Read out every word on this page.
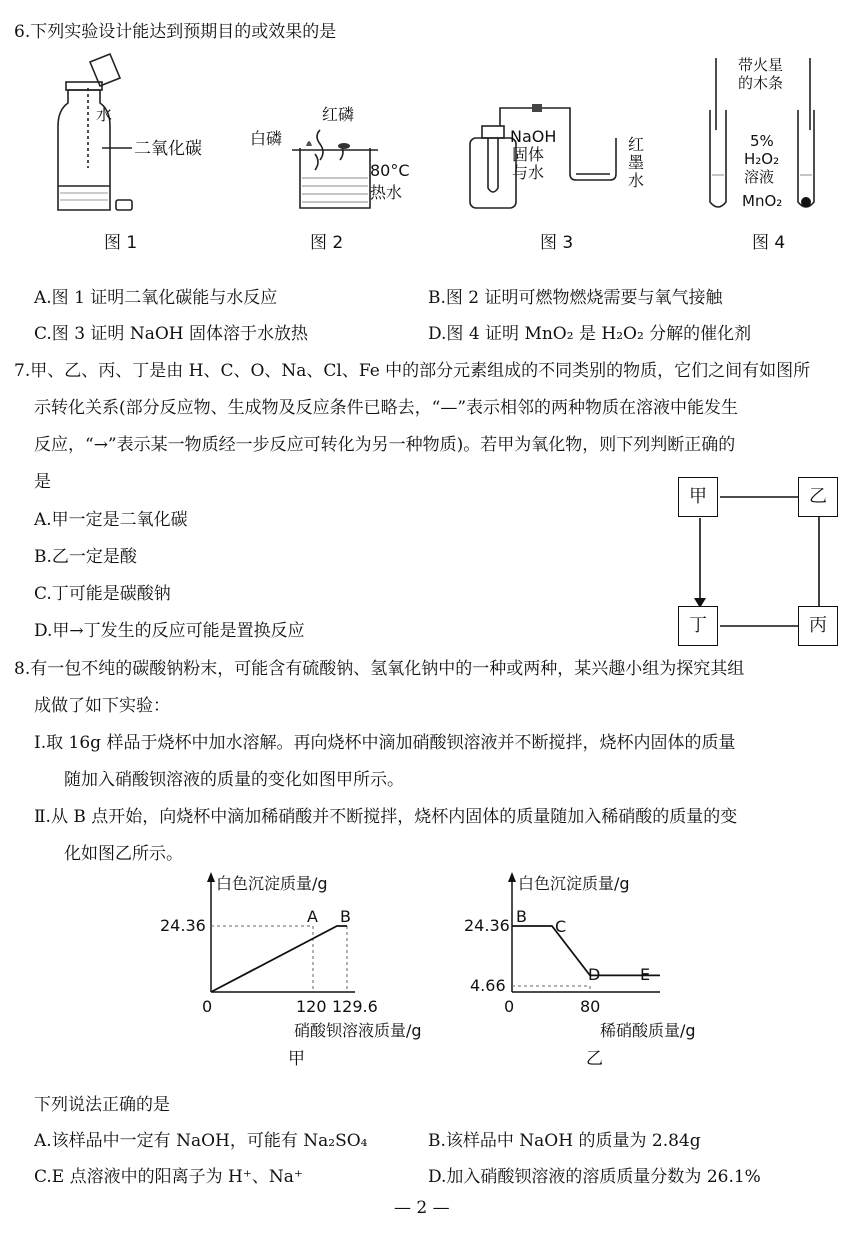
6.下列实验设计能达到预期目的或效果的是
水
二氧化碳
图 1
白磷
红磷
80°C
热水
图 2
NaOH
固体
与水
红
墨
水
图 3
带火星
的木条
5%
H₂O₂
溶液
MnO₂
图 4
A.图 1 证明二氧化碳能与水反应	B.图 2 证明可燃物燃烧需要与氧气接触
C.图 3 证明 NaOH 固体溶于水放热	D.图 4 证明 MnO₂ 是 H₂O₂ 分解的催化剂
7.甲、乙、丙、丁是由 H、C、O、Na、Cl、Fe 中的部分元素组成的不同类别的物质，它们之间有如图所
示转化关系(部分反应物、生成物及反应条件已略去，“—”表示相邻的两种物质在溶液中能发生
反应，“→”表示某一物质经一步反应可转化为另一种物质)。若甲为氧化物，则下列判断正确的
是
A.甲一定是二氧化碳
B.乙一定是酸
C.丁可能是碳酸钠
D.甲→丁发生的反应可能是置换反应
甲	乙
丁	丙
8.有一包不纯的碳酸钠粉末，可能含有硫酸钠、氢氧化钠中的一种或两种，某兴趣小组为探究其组
成做了如下实验：
Ⅰ.取 16g 样品于烧杯中加水溶解。再向烧杯中滴加硝酸钡溶液并不断搅拌，烧杯内固体的质量
随加入硝酸钡溶液的质量的变化如图甲所示。
Ⅱ.从 B 点开始，向烧杯中滴加稀硝酸并不断搅拌，烧杯内固体的质量随加入稀硝酸的质量的变
化如图乙所示。
白色沉淀质量/g
24.36	A B
0	120 129.6
硝酸钡溶液质量/g
甲
白色沉淀质量/g
24.36
4.66
B
C
D E
0	80
稀硝酸质量/g
乙
下列说法正确的是
A.该样品中一定有 NaOH，可能有 Na₂SO₄	B.该样品中 NaOH 的质量为 2.84g
C.E 点溶液中的阳离子为 H⁺、Na⁺	D.加入硝酸钡溶液的溶质质量分数为 26.1%
— 2 —
